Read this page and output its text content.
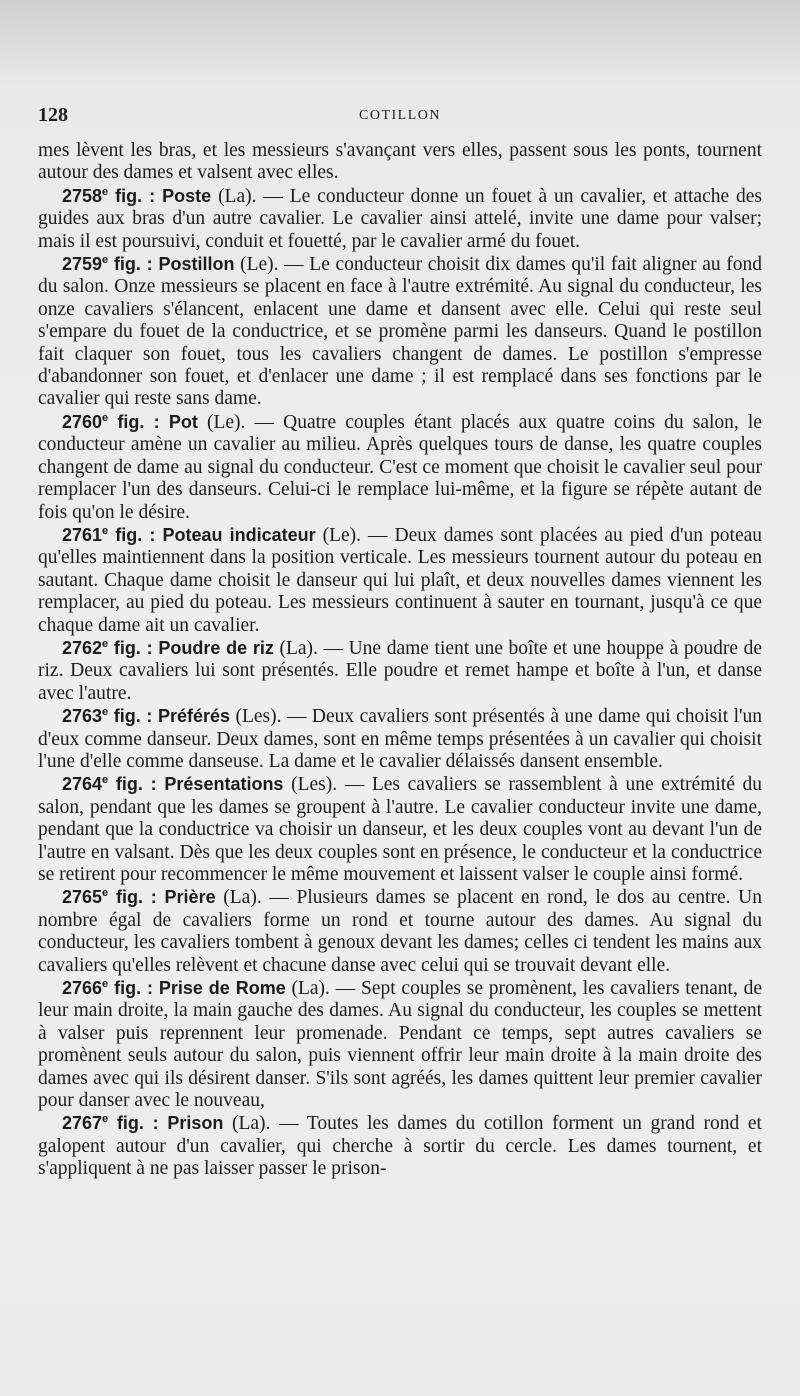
128	COTILLON

mes lèvent les bras, et les messieurs s'avançant vers elles, passent sous les ponts, tournent autour des dames et valsent avec elles.

2758e fig. : Poste (La). — Le conducteur donne un fouet à un cavalier, et attache des guides aux bras d'un autre cavalier. Le cavalier ainsi attelé, invite une dame pour valser; mais il est poursuivi, conduit et fouetté, par le cavalier armé du fouet.

2759e fig. : Postillon (Le). — Le conducteur choisit dix dames qu'il fait aligner au fond du salon. Onze messieurs se placent en face à l'autre extrémité. Au signal du conducteur, les onze cavaliers s'élancent, enlacent une dame et dansent avec elle. Celui qui reste seul s'empare du fouet de la conductrice, et se promène parmi les danseurs. Quand le postillon fait claquer son fouet, tous les cavaliers changent de dames. Le postillon s'empresse d'abandonner son fouet, et d'enlacer une dame ; il est remplacé dans ses fonctions par le cavalier qui reste sans dame.

2760e fig. : Pot (Le). — Quatre couples étant placés aux quatre coins du salon, le conducteur amène un cavalier au milieu. Après quelques tours de danse, les quatre couples changent de dame au signal du conducteur. C'est ce moment que choisit le cavalier seul pour remplacer l'un des danseurs. Celui-ci le remplace lui-même, et la figure se répète autant de fois qu'on le désire.

2761e fig. : Poteau indicateur (Le). — Deux dames sont placées au pied d'un poteau qu'elles maintiennent dans la position verticale. Les messieurs tournent autour du poteau en sautant. Chaque dame choisit le danseur qui lui plaît, et deux nouvelles dames viennent les remplacer, au pied du poteau. Les messieurs continuent à sauter en tournant, jusqu'à ce que chaque dame ait un cavalier.

2762e fig. : Poudre de riz (La). — Une dame tient une boîte et une houppe à poudre de riz. Deux cavaliers lui sont présentés. Elle poudre et remet hampe et boîte à l'un, et danse avec l'autre.

2763e fig. : Préférés (Les). — Deux cavaliers sont présentés à une dame qui choisit l'un d'eux comme danseur. Deux dames, sont en même temps présentées à un cavalier qui choisit l'une d'elle comme danseuse. La dame et le cavalier délaissés dansent ensemble.

2764e fig. : Présentations (Les). — Les cavaliers se rassemblent à une extrémité du salon, pendant que les dames se groupent à l'autre. Le cavalier conducteur invite une dame, pendant que la conductrice va choisir un danseur, et les deux couples vont au devant l'un de l'autre en valsant. Dès que les deux couples sont en présence, le conducteur et la conductrice se retirent pour recommencer le même mouvement et laissent valser le couple ainsi formé.

2765e fig. : Prière (La). — Plusieurs dames se placent en rond, le dos au centre. Un nombre égal de cavaliers forme un rond et tourne autour des dames. Au signal du conducteur, les cavaliers tombent à genoux devant les dames; celles ci tendent les mains aux cavaliers qu'elles relèvent et chacune danse avec celui qui se trouvait devant elle.

2766e fig. : Prise de Rome (La). — Sept couples se promènent, les cavaliers tenant, de leur main droite, la main gauche des dames. Au signal du conducteur, les couples se mettent à valser puis reprennent leur promenade. Pendant ce temps, sept autres cavaliers se promènent seuls autour du salon, puis viennent offrir leur main droite à la main droite des dames avec qui ils désirent danser. S'ils sont agréés, les dames quittent leur premier cavalier pour danser avec le nouveau,

2767e fig. : Prison (La). — Toutes les dames du cotillon forment un grand rond et galopent autour d'un cavalier, qui cherche à sortir du cercle. Les dames tournent, et s'appliquent à ne pas laisser passer le prison-
